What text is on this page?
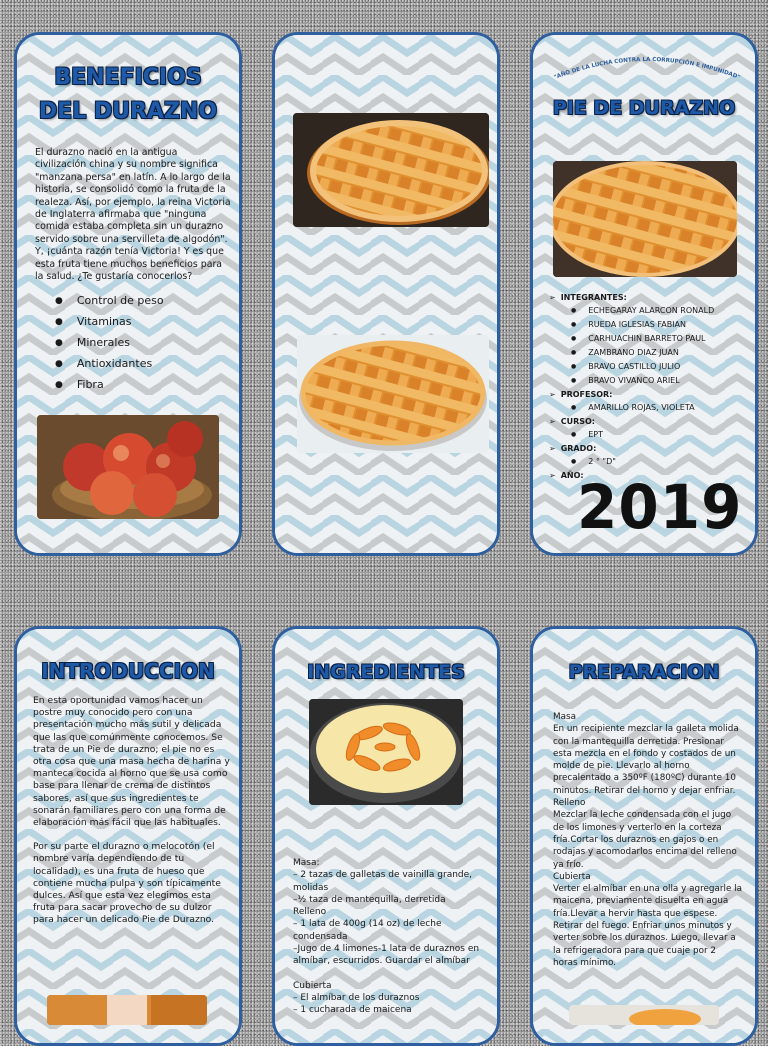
BENEFICIOS
DEL DURAZNO
El durazno nació en la antigua civilización china y su nombre significa "manzana persa" en latín. A lo largo de la historia, se consolidó como la fruta de la realeza. Así, por ejemplo, la reina Victoria de Inglaterra afirmaba que "ninguna comida estaba completa sin un durazno servido sobre una servilleta de algodón". Y, ¡cuánta razón tenía Victoria! Y es que esta fruta tiene muchos beneficios para la salud. ¿Te gustaría conocerlos?
● Control de peso
● Vitaminas
● Minerales
● Antioxidantes
● Fibra
"AÑO DE LA LUCHA CONTRA LA CORRUPCIÓN E IMPUNIDAD"
PIE DE DURAZNO
➢ INTEGRANTES:
● ECHEGARAY ALARCON RONALD
● RUEDA IGLESIAS FABIAN
● CARHUACHIN BARRETO PAUL
● ZAMBRANO DIAZ JUAN
● BRAVO CASTILLO JULIO
● BRAVO VIVANCO ARIEL
➢ PROFESOR:
● AMARILLO ROJAS, VIOLETA
➢ CURSO:
● EPT
➢ GRADO:
● 2 ° "D"
➢ AÑO:
2019
INTRODUCCION

En esta oportunidad vamos hacer un postre muy conocido pero con una presentación mucho más sutil y delicada que las que comúnmente conocemos. Se trata de un Pie de durazno; el pie no es otra cosa que una masa hecha de harina y manteca cocida al horno que se usa como base para llenar de crema de distintos sabores, así que sus ingredientes te sonarán familiares pero con una forma de elaboración más fácil que las habituales.

Por su parte el durazno o melocotón (el nombre varía dependiendo de tu localidad), es una fruta de hueso que contiene mucha pulpa y son típicamente dulces. Así que esta vez elegimos esta fruta para sacar provecho de su dulzor para hacer un delicado Pie de Durazno.

INGREDIENTES
Masa:
– 2 tazas de galletas de vainilla grande, molidas
–½ taza de mantequilla, derretida
Relleno
– 1 lata de 400g (14 oz) de leche condensada
–Jugo de 4 limones-1 lata de duraznos en almíbar, escurridos. Guardar el almíbar
Cubierta
– El almíbar de los duraznos
– 1 cucharada de maicena
PREPARACION
Masa
En un recipiente mezclar la galleta molida con la mantequilla derretida. Presionar esta mezcla en el fondo y costados de un molde de pie. Llevarlo al horno precalentado a 350ºF (180ºC) durante 10 minutos. Retirar del horno y dejar enfriar.
Relleno
Mezclar la leche condensada con el jugo de los limones y verterlo en la corteza fría.Cortar los duraznos en gajos o en rodajas y acomodarlos encima del relleno ya frío.
Cubierta
Verter el almíbar en una olla y agregarle la maicena, previamente disuelta en agua fría.Llevar a hervir hasta que espese. Retirar del fuego. Enfriar unos minutos y verter sobre los duraznos. Luego, llevar a la refrigeradora para que cuaje por 2 horas mínimo.
